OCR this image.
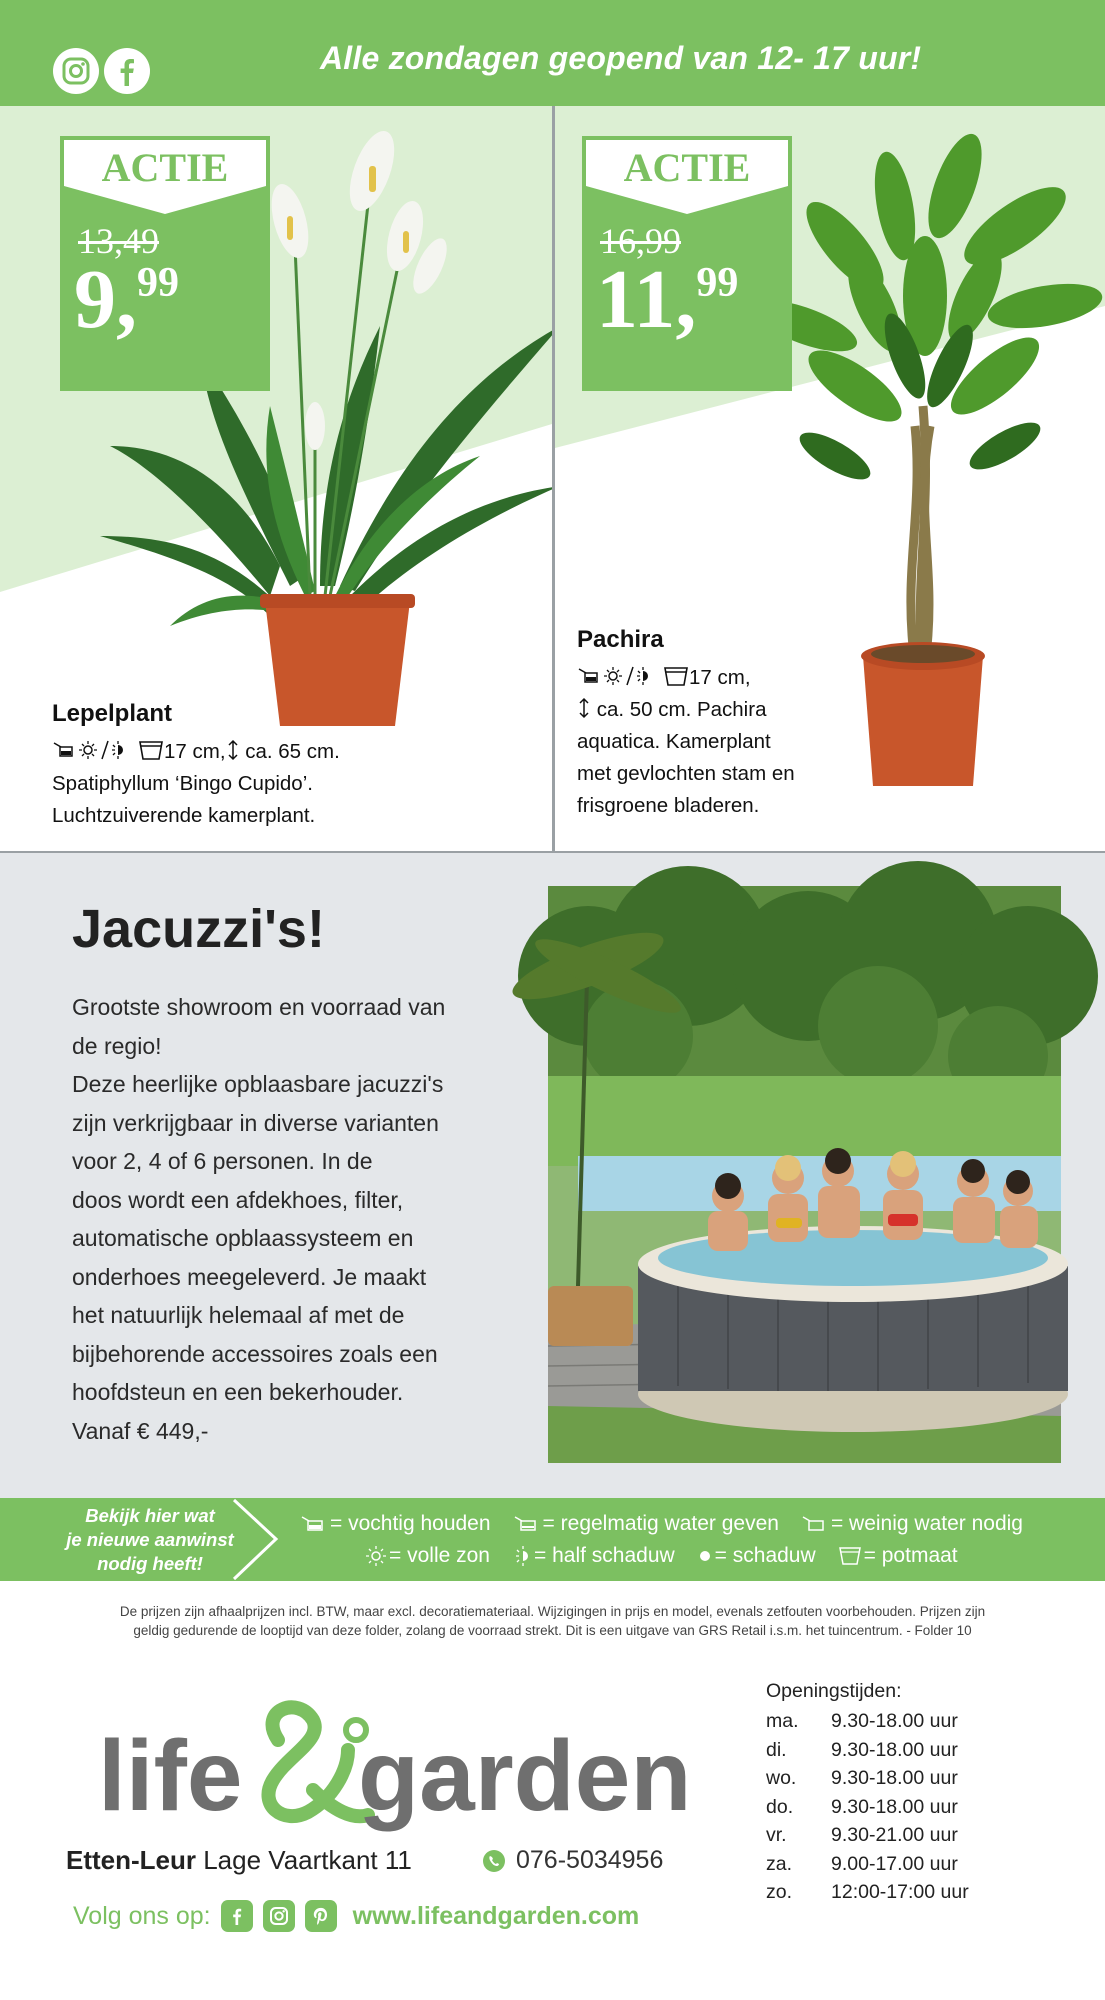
Alle zondagen geopend van 12- 17 uur!
ACTIE
13,49
9,99
Lepelplant
17 cm, ca. 65 cm.
Spatiphyllum ‘Bingo Cupido’.
Luchtzuiverende kamerplant.
ACTIE
16,99
11,99
Pachira
17 cm,
ca. 50 cm. Pachira
aquatica. Kamerplant
met gevlochten stam en
frisgroene bladeren.
Jacuzzi's!
Grootste showroom en voorraad van
de regio!
Deze heerlijke opblaasbare jacuzzi's
zijn verkrijgbaar in diverse varianten
voor 2, 4 of 6 personen. In de
doos wordt een afdekhoes, filter,
automatische opblaassysteem en
onderhoes meegeleverd. Je maakt
het natuurlijk helemaal af met de
bijbehorende accessoires zoals een
hoofdsteun en een bekerhouder.
Vanaf € 449,-
Bekijk hier wat
je nieuwe aanwinst
nodig heeft!
= vochtig houden = regelmatig water geven = weinig water nodig
= volle zon = half schaduw = schaduw = potmaat
De prijzen zijn afhaalprijzen incl. BTW, maar excl. decoratiemateriaal. Wijzigingen in prijs en model, evenals zetfouten voorbehouden. Prijzen zijn
geldig gedurende de looptijd van deze folder, zolang de voorraad strekt. Dit is een uitgave van GRS Retail i.s.m. het tuincentrum. - Folder 10
life garden
Etten-Leur Lage Vaartkant 11	076-5034956
Volg ons op:	www.lifeandgarden.com
Openingstijden:
ma.	9.30-18.00 uur
di.	9.30-18.00 uur
wo.	9.30-18.00 uur
do.	9.30-18.00 uur
vr.	9.30-21.00 uur
za.	9.00-17.00 uur
zo.	12:00-17:00 uur
